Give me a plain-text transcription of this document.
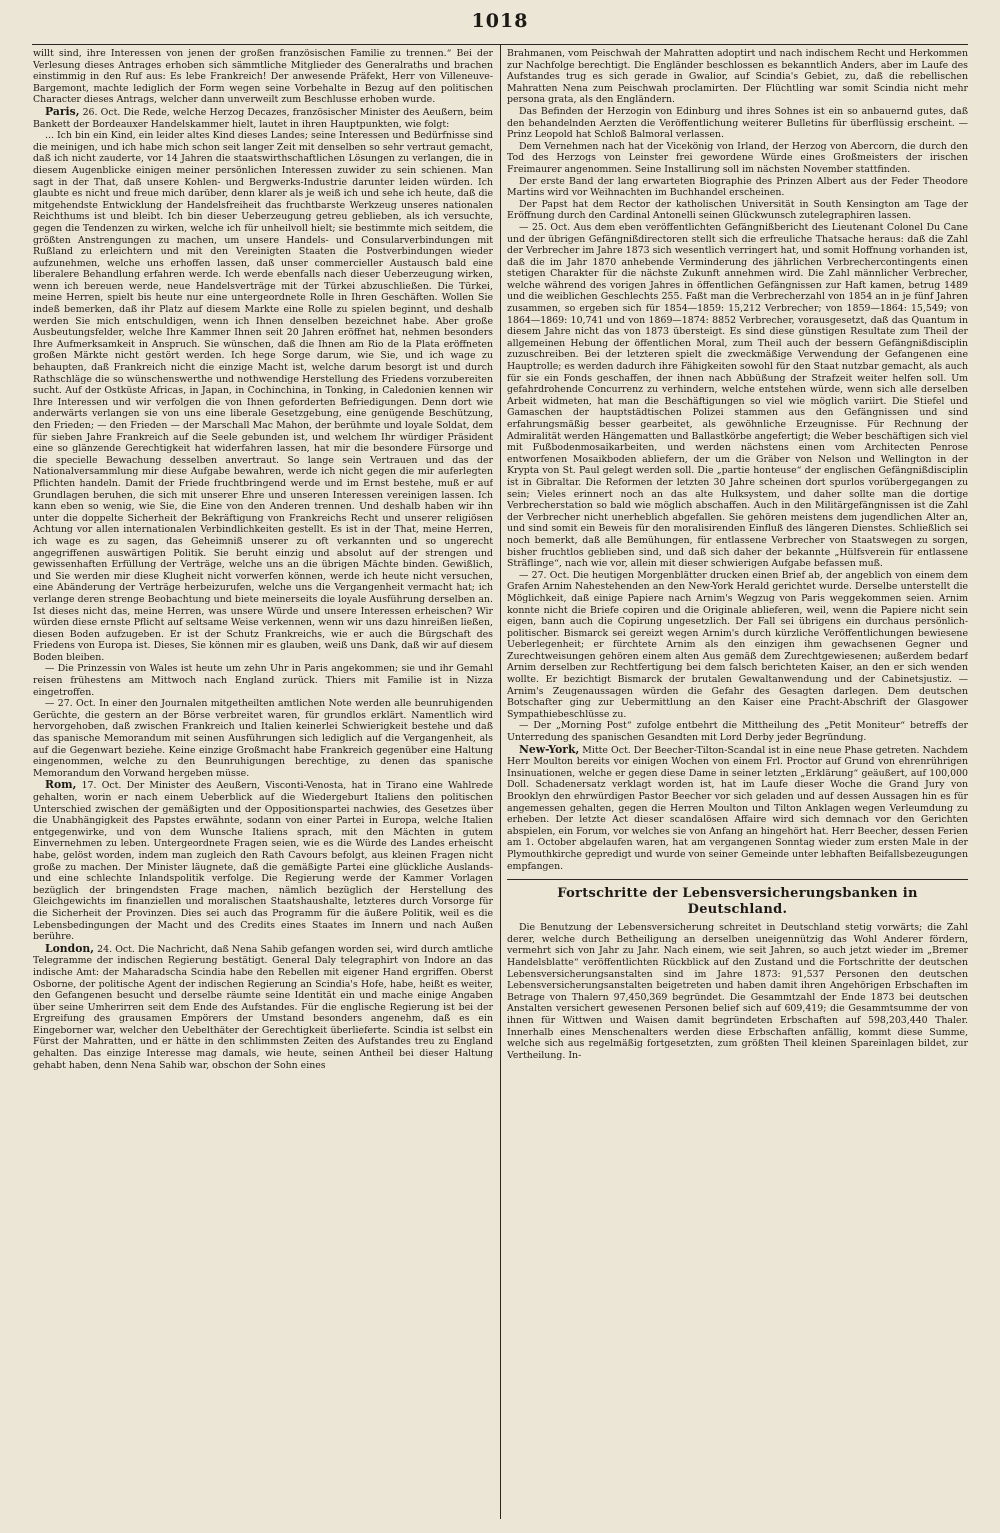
1018

willt sind, ihre Interessen von jenen der großen französischen Familie zu trennen.“ Bei der Verlesung dieses Antrages erhoben sich sämmtliche Mitglieder des Generalraths und brachen einstimmig in den Ruf aus: Es lebe Frankreich! Der anwesende Präfekt, Herr von Villeneuve-Bargemont, machte lediglich der Form wegen seine Vorbehalte in Bezug auf den politischen Character dieses Antrags, welcher dann unverweilt zum Beschlusse erhoben wurde.

Paris, 26. Oct. Die Rede, welche Herzog Decazes, französischer Minister des Aeußern, beim Bankett der Bordeauxer Handelskammer hielt, lautet in ihren Hauptpunkten, wie folgt:

... Ich bin ein Kind, ein leider altes Kind dieses Landes; seine Interessen und Bedürfnisse sind die meinigen, und ich habe mich schon seit langer Zeit mit denselben so sehr vertraut gemacht, daß ich nicht zauderte, vor 14 Jahren die staatswirthschaftlichen Lösungen zu verlangen, die in diesem Augenblicke einigen meiner persönlichen Interessen zuwider zu sein schienen. Man sagt in der That, daß unsere Kohlen- und Bergwerks-Industrie darunter leiden würden. Ich glaubte es nicht und freue mich darüber, denn klarer als je weiß ich und sehe ich heute, daß die mitgehendste Entwicklung der Handelsfreiheit das fruchtbarste Werkzeug unseres nationalen Reichthums ist und bleibt. Ich bin dieser Ueberzeugung getreu geblieben, als ich versuchte, gegen die Tendenzen zu wirken, welche ich für unheilvoll hielt; sie bestimmte mich seitdem, die größten Anstrengungen zu machen, um unsere Handels- und Consularverbindungen mit Rußland zu erleichtern und mit den Vereinigten Staaten die Postverbindungen wieder aufzunehmen, welche uns erhoffen lassen, daß unser commercieller Austausch bald eine liberalere Behandlung erfahren werde. Ich werde ebenfalls nach dieser Ueberzeugung wirken, wenn ich bereuen werde, neue Handelsverträge mit der Türkei abzuschließen. Die Türkei, meine Herren, spielt bis heute nur eine untergeordnete Rolle in Ihren Geschäften. Wollen Sie indeß bemerken, daß ihr Platz auf diesem Markte eine Rolle zu spielen beginnt, und deshalb werden Sie mich entschuldigen, wenn ich Ihnen denselben bezeichnet habe. Aber große Ausbeutungsfelder, welche Ihre Kammer Ihnen seit 20 Jahren eröffnet hat, nehmen besonders Ihre Aufmerksamkeit in Anspruch. Sie wünschen, daß die Ihnen am Rio de la Plata eröffneten großen Märkte nicht gestört werden. Ich hege Sorge darum, wie Sie, und ich wage zu behaupten, daß Frankreich nicht die einzige Macht ist, welche darum besorgt ist und durch Rathschläge die so wünschenswerthe und nothwendige Herstellung des Friedens vorzubereiten sucht. Auf der Ostküste Africas, in Japan, in Cochinchina, in Tonking, in Caledonien kennen wir Ihre Interessen und wir verfolgen die von Ihnen geforderten Befriedigungen. Denn dort wie anderwärts verlangen sie von uns eine liberale Gesetzgebung, eine genügende Beschützung, den Frieden; — den Frieden — der Marschall Mac Mahon, der berühmte und loyale Soldat, dem für sieben Jahre Frankreich auf die Seele gebunden ist, und welchem Ihr würdiger Präsident eine so glänzende Gerechtigkeit hat widerfahren lassen, hat mir die besondere Fürsorge und die specielle Bewachung desselben anvertraut. So lange sein Vertrauen und das der Nationalversammlung mir diese Aufgabe bewahren, werde ich nicht gegen die mir auferlegten Pflichten handeln. Damit der Friede fruchtbringend werde und im Ernst bestehe, muß er auf Grundlagen beruhen, die sich mit unserer Ehre und unseren Interessen vereinigen lassen. Ich kann eben so wenig, wie Sie, die Eine von den Anderen trennen. Und deshalb haben wir ihn unter die doppelte Sicherheit der Bekräftigung von Frankreichs Recht und unserer religiösen Achtung vor allen internationalen Verbindlichkeiten gestellt. Es ist in der That, meine Herren, ich wage es zu sagen, das Geheimniß unserer zu oft verkannten und so ungerecht angegriffenen auswärtigen Politik. Sie beruht einzig und absolut auf der strengen und gewissenhaften Erfüllung der Verträge, welche uns an die übrigen Mächte binden. Gewißlich, und Sie werden mir diese Klugheit nicht vorwerfen können, werde ich heute nicht versuchen, eine Abänderung der Verträge herbeizurufen, welche uns die Vergangenheit vermacht hat; ich verlange deren strenge Beobachtung und biete meinerseits die loyale Ausführung derselben an. Ist dieses nicht das, meine Herren, was unsere Würde und unsere Interessen erheischen? Wir würden diese ernste Pflicht auf seltsame Weise verkennen, wenn wir uns dazu hinreißen ließen, diesen Boden aufzugeben. Er ist der Schutz Frankreichs, wie er auch die Bürgschaft des Friedens von Europa ist. Dieses, Sie können mir es glauben, weiß uns Dank, daß wir auf diesem Boden bleiben.

— Die Prinzessin von Wales ist heute um zehn Uhr in Paris angekommen; sie und ihr Gemahl reisen frühestens am Mittwoch nach England zurück. Thiers mit Familie ist in Nizza eingetroffen.

— 27. Oct. In einer den Journalen mitgetheilten amtlichen Note werden alle beunruhigenden Gerüchte, die gestern an der Börse verbreitet waren, für grundlos erklärt. Namentlich wird hervorgehoben, daß zwischen Frankreich und Italien keinerlei Schwierigkeit bestehe und daß das spanische Memorandum mit seinen Ausführungen sich lediglich auf die Vergangenheit, als auf die Gegenwart beziehe. Keine einzige Großmacht habe Frankreich gegenüber eine Haltung eingenommen, welche zu den Beunruhigungen berechtige, zu denen das spanische Memorandum den Vorwand hergeben müsse.

Rom, 17. Oct. Der Minister des Aeußern, Visconti-Venosta, hat in Tirano eine Wahlrede gehalten, worin er nach einem Ueberblick auf die Wiedergeburt Italiens den politischen Unterschied zwischen der gemäßigten und der Oppositionspartei nachwies, des Gesetzes über die Unabhängigkeit des Papstes erwähnte, sodann von einer Partei in Europa, welche Italien entgegenwirke, und von dem Wunsche Italiens sprach, mit den Mächten in gutem Einvernehmen zu leben. Untergeordnete Fragen seien, wie es die Würde des Landes erheischt habe, gelöst worden, indem man zugleich den Rath Cavours befolgt, aus kleinen Fragen nicht große zu machen. Der Minister läugnete, daß die gemäßigte Partei eine glückliche Auslands- und eine schlechte Inlandspolitik verfolge. Die Regierung werde der Kammer Vorlagen bezüglich der bringendsten Frage machen, nämlich bezüglich der Herstellung des Gleichgewichts im finanziellen und moralischen Staatshaushalte, letzteres durch Vorsorge für die Sicherheit der Provinzen. Dies sei auch das Programm für die äußere Politik, weil es die Lebensbedingungen der Macht und des Credits eines Staates im Innern und nach Außen berühre.

London, 24. Oct. Die Nachricht, daß Nena Sahib gefangen worden sei, wird durch amtliche Telegramme der indischen Regierung bestätigt. General Daly telegraphirt von Indore an das indische Amt: der Maharadscha Scindia habe den Rebellen mit eigener Hand ergriffen. Oberst Osborne, der politische Agent der indischen Regierung an Scindia's Hofe, habe, heißt es weiter, den Gefangenen besucht und derselbe räumte seine Identität ein und mache einige Angaben über seine Umherirren seit dem Ende des Aufstandes. Für die englische Regierung ist bei der Ergreifung des grausamen Empörers der Umstand besonders angenehm, daß es ein Eingeborner war, welcher den Uebelthäter der Gerechtigkeit überlieferte. Scindia ist selbst ein Fürst der Mahratten, und er hätte in den schlimmsten Zeiten des Aufstandes treu zu England gehalten. Das einzige Interesse mag damals, wie heute, seinen Antheil bei dieser Haltung gehabt haben, denn Nena Sahib war, obschon der Sohn eines

Brahmanen, vom Peischwah der Mahratten adoptirt und nach indischem Recht und Herkommen zur Nachfolge berechtigt. Die Engländer beschlossen es bekanntlich Anders, aber im Laufe des Aufstandes trug es sich gerade in Gwalior, auf Scindia's Gebiet, zu, daß die rebellischen Mahratten Nena zum Peischwah proclamirten. Der Flüchtling war somit Scindia nicht mehr persona grata, als den Engländern.

Das Befinden der Herzogin von Edinburg und ihres Sohnes ist ein so anbauernd gutes, daß den behandelnden Aerzten die Veröffentlichung weiterer Bulletins für überflüssig erscheint. — Prinz Leopold hat Schloß Balmoral verlassen.

Dem Vernehmen nach hat der Vicekönig von Irland, der Herzog von Abercorn, die durch den Tod des Herzogs von Leinster frei gewordene Würde eines Großmeisters der irischen Freimaurer angenommen. Seine Installirung soll im nächsten November stattfinden.

Der erste Band der lang erwarteten Biographie des Prinzen Albert aus der Feder Theodore Martins wird vor Weihnachten im Buchhandel erscheinen.

Der Papst hat dem Rector der katholischen Universität in South Kensington am Tage der Eröffnung durch den Cardinal Antonelli seinen Glückwunsch zutelegraphiren lassen.

— 25. Oct. Aus dem eben veröffentlichten Gefängnißbericht des Lieutenant Colonel Du Cane und der übrigen Gefängnißdirectoren stellt sich die erfreuliche Thatsache heraus: daß die Zahl der Verbrecher im Jahre 1873 sich wesentlich verringert hat, und somit Hoffnung vorhanden ist, daß die im Jahr 1870 anhebende Verminderung des jährlichen Verbrechercontingents einen stetigen Charakter für die nächste Zukunft annehmen wird. Die Zahl männlicher Verbrecher, welche während des vorigen Jahres in öffentlichen Gefängnissen zur Haft kamen, betrug 1489 und die weiblichen Geschlechts 255. Faßt man die Verbrecherzahl von 1854 an in je fünf Jahren zusammen, so ergeben sich für 1854—1859: 15,212 Verbrecher; von 1859—1864: 15,549; von 1864—1869: 10,741 und von 1869—1874: 8852 Verbrecher, vorausgesetzt, daß das Quantum in diesem Jahre nicht das von 1873 übersteigt. Es sind diese günstigen Resultate zum Theil der allgemeinen Hebung der öffentlichen Moral, zum Theil auch der bessern Gefängnißdisciplin zuzuschreiben. Bei der letzteren spielt die zweckmäßige Verwendung der Gefangenen eine Hauptrolle; es werden dadurch ihre Fähigkeiten sowohl für den Staat nutzbar gemacht, als auch für sie ein Fonds geschaffen, der ihnen nach Abbüßung der Strafzeit weiter helfen soll. Um gefahrdrohende Concurrenz zu verhindern, welche entstehen würde, wenn sich alle derselben Arbeit widmeten, hat man die Beschäftigungen so viel wie möglich variirt. Die Stiefel und Gamaschen der hauptstädtischen Polizei stammen aus den Gefängnissen und sind erfahrungsmäßig besser gearbeitet, als gewöhnliche Erzeugnisse. Für Rechnung der Admiralität werden Hängematten und Ballastkörbe angefertigt; die Weber beschäftigen sich viel mit Fußbodenmosaikarbeiten, und werden nächstens einen vom Architecten Penrose entworfenen Mosaikboden abliefern, der um die Gräber von Nelson und Wellington in der Krypta von St. Paul gelegt werden soll. Die „partie honteuse“ der englischen Gefängnißdisciplin ist in Gibraltar. Die Reformen der letzten 30 Jahre scheinen dort spurlos vorübergegangen zu sein; Vieles erinnert noch an das alte Hulksystem, und daher sollte man die dortige Verbrecherstation so bald wie möglich abschaffen. Auch in den Militärgefängnissen ist die Zahl der Verbrecher nicht unerheblich abgefallen. Sie gehören meistens dem jugendlichen Alter an, und sind somit ein Beweis für den moralisirenden Einfluß des längeren Dienstes. Schließlich sei noch bemerkt, daß alle Bemühungen, für entlassene Verbrecher von Staatswegen zu sorgen, bisher fruchtlos geblieben sind, und daß sich daher der bekannte „Hülfsverein für entlassene Sträflinge“, nach wie vor, allein mit dieser schwierigen Aufgabe befassen muß.

— 27. Oct. Die heutigen Morgenblätter drucken einen Brief ab, der angeblich von einem dem Grafen Arnim Nahestehenden an den New-York Herald gerichtet wurde. Derselbe unterstellt die Möglichkeit, daß einige Papiere nach Arnim's Wegzug von Paris weggekommen seien. Arnim konnte nicht die Briefe copiren und die Originale ablieferen, weil, wenn die Papiere nicht sein eigen, bann auch die Copirung ungesetzlich. Der Fall sei übrigens ein durchaus persönlich-politischer. Bismarck sei gereizt wegen Arnim's durch kürzliche Veröffentlichungen bewiesene Ueberlegenheit; er fürchtete Arnim als den einzigen ihm gewachsenen Gegner und Zurechtweisungen gehören einem alten Aus gemäß dem Zurechtgewiesenen; außerdem bedarf Arnim derselben zur Rechtfertigung bei dem falsch berichteten Kaiser, an den er sich wenden wollte. Er bezichtigt Bismarck der brutalen Gewaltanwendung und der Cabinetsjustiz. — Arnim's Zeugenaussagen würden die Gefahr des Gesagten darlegen. Dem deutschen Botschafter ging zur Uebermittlung an den Kaiser eine Pracht-Abschrift der Glasgower Sympathiebeschlüsse zu.

— Der „Morning Post“ zufolge entbehrt die Mittheilung des „Petit Moniteur“ betreffs der Unterredung des spanischen Gesandten mit Lord Derby jeder Begründung.

New-York, Mitte Oct. Der Beecher-Tilton-Scandal ist in eine neue Phase getreten. Nachdem Herr Moulton bereits vor einigen Wochen von einem Frl. Proctor auf Grund von ehrenrührigen Insinuationen, welche er gegen diese Dame in seiner letzten „Erklärung“ geäußert, auf 100,000 Doll. Schadenersatz verklagt worden ist, hat im Laufe dieser Woche die Grand Jury von Brooklyn den ehrwürdigen Pastor Beecher vor sich geladen und auf dessen Aussagen hin es für angemessen gehalten, gegen die Herren Moulton und Tilton Anklagen wegen Verleumdung zu erheben. Der letzte Act dieser scandalösen Affaire wird sich demnach vor den Gerichten abspielen, ein Forum, vor welches sie von Anfang an hingehört hat. Herr Beecher, dessen Ferien am 1. October abgelaufen waren, hat am vergangenen Sonntag wieder zum ersten Male in der Plymouthkirche gepredigt und wurde von seiner Gemeinde unter lebhaften Beifallsbezeugungen empfangen.

Fortschritte der Lebensversicherungsbanken in Deutschland.

Die Benutzung der Lebensversicherung schreitet in Deutschland stetig vorwärts; die Zahl derer, welche durch Betheiligung an derselben uneigennützig das Wohl Anderer fördern, vermehrt sich von Jahr zu Jahr. Nach einem, wie seit Jahren, so auch jetzt wieder im „Bremer Handelsblatte“ veröffentlichten Rückblick auf den Zustand und die Fortschritte der deutschen Lebensversicherungsanstalten sind im Jahre 1873: 91,537 Personen den deutschen Lebensversicherungsanstalten beigetreten und haben damit ihren Angehörigen Erbschaften im Betrage von Thalern 97,450,369 begründet. Die Gesammtzahl der Ende 1873 bei deutschen Anstalten versichert gewesenen Personen belief sich auf 609,419; die Gesammtsumme der von ihnen für Wittwen und Waisen damit begründeten Erbschaften auf 598,203,440 Thaler. Innerhalb eines Menschenalters werden diese Erbschaften anfällig, kommt diese Summe, welche sich aus regelmäßig fortgesetzten, zum größten Theil kleinen Spareinlagen bildet, zur Vertheilung. In-
